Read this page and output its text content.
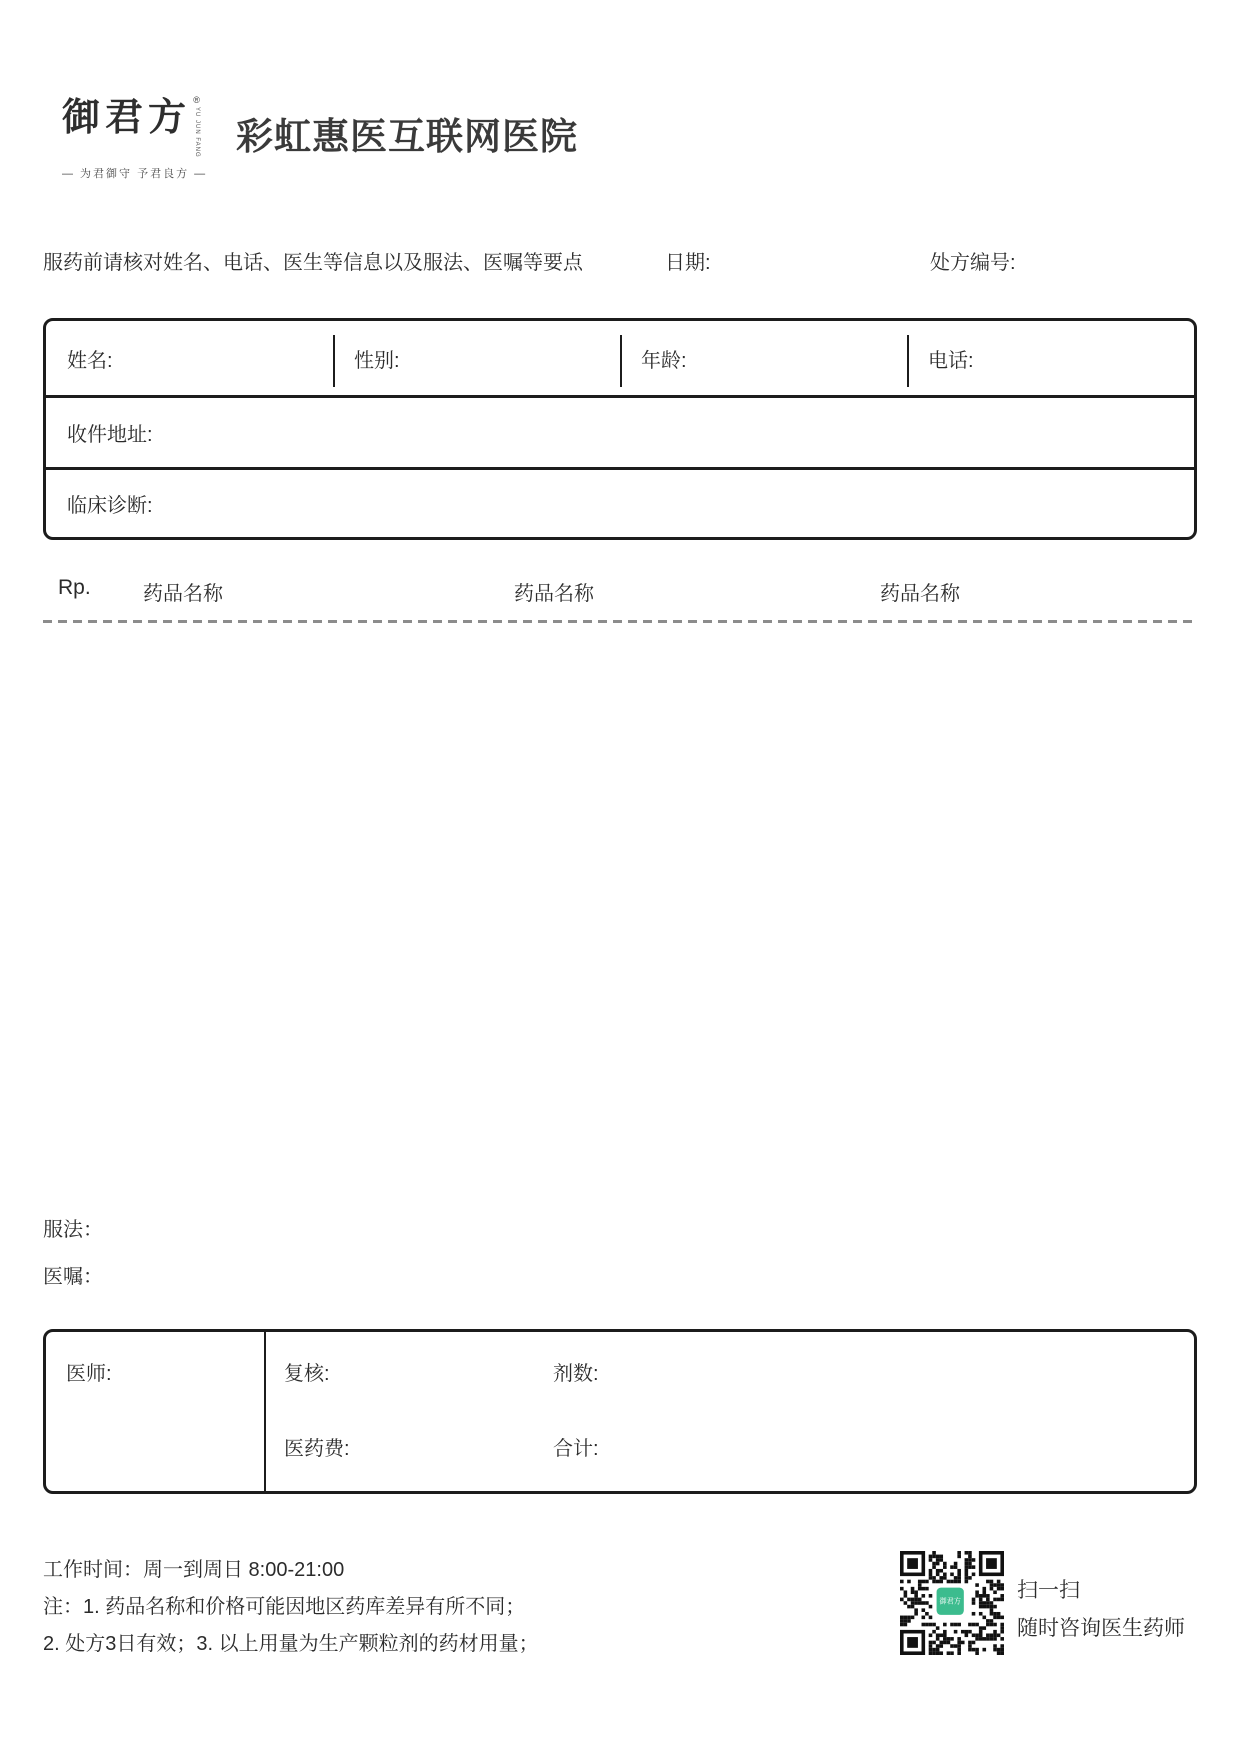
御君方 ®
YU JUN FANG
— 为君御守 予君良方 —
彩虹惠医互联网医院
服药前请核对姓名、电话、医生等信息以及服法、医嘱等要点	日期:	处方编号:
姓名:	性别:	年龄:	电话:
收件地址:
临床诊断:
Rp.	药品名称	药品名称	药品名称
服法：
医嘱：
医师:	复核:	剂数:
医药费:	合计:
工作时间：周一到周日 8:00-21:00
注：1. 药品名称和价格可能因地区药库差异有所不同；
2. 处方3日有效；3. 以上用量为生产颗粒剂的药材用量；
御君方	扫一扫
随时咨询医生药师
